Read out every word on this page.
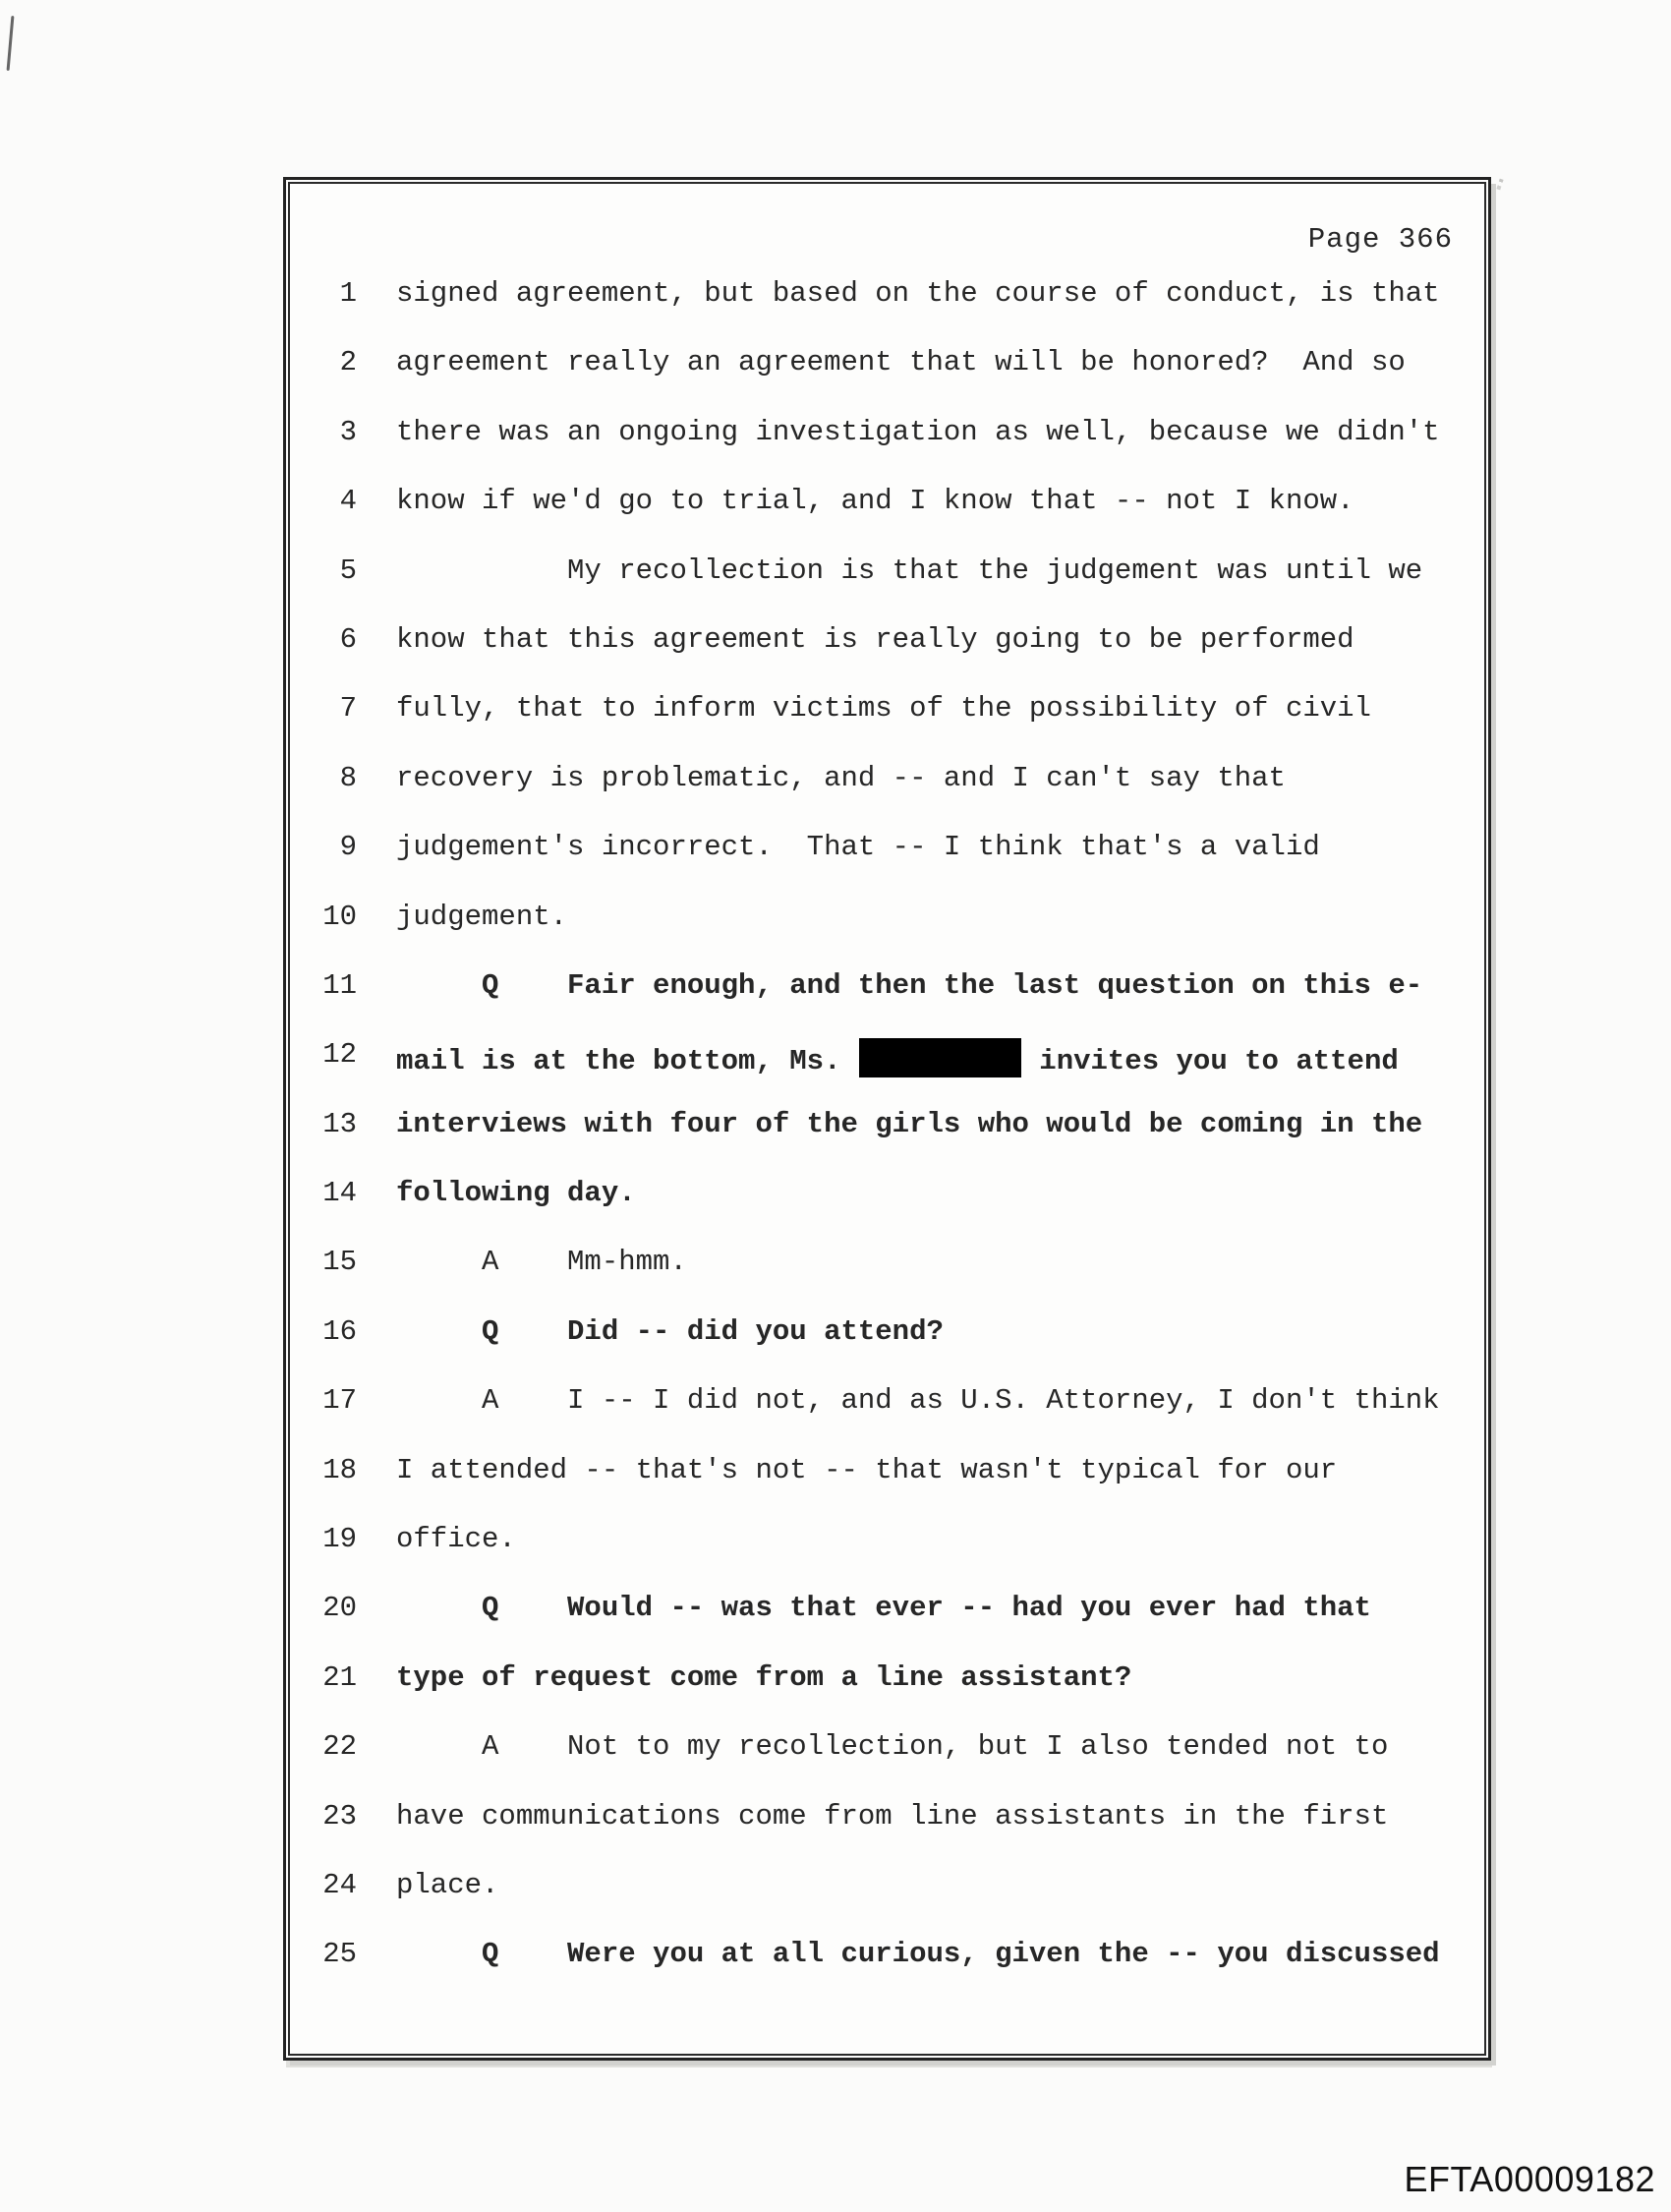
Page 366
1 signed agreement, but based on the course of conduct, is that
2 agreement really an agreement that will be honored?  And so
3 there was an ongoing investigation as well, because we didn't
4 know if we'd go to trial, and I know that -- not I know.
5 My recollection is that the judgement was until we
6 know that this agreement is really going to be performed
7 fully, that to inform victims of the possibility of civil
8 recovery is problematic, and -- and I can't say that
9 judgement's incorrect.  That -- I think that's a valid
10 judgement.
11 Q    Fair enough, and then the last question on this e-
12 mail is at the bottom, Ms.	invites you to attend
13 interviews with four of the girls who would be coming in the
14 following day.
15 A    Mm-hmm.
16 Q    Did -- did you attend?
17 A    I -- I did not, and as U.S. Attorney, I don't think
18 I attended -- that's not -- that wasn't typical for our
19 office.
20 Q    Would -- was that ever -- had you ever had that
21 type of request come from a line assistant?
22 A    Not to my recollection, but I also tended not to
23 have communications come from line assistants in the first
24 place.
25 Q    Were you at all curious, given the -- you discussed
EFTA00009182
